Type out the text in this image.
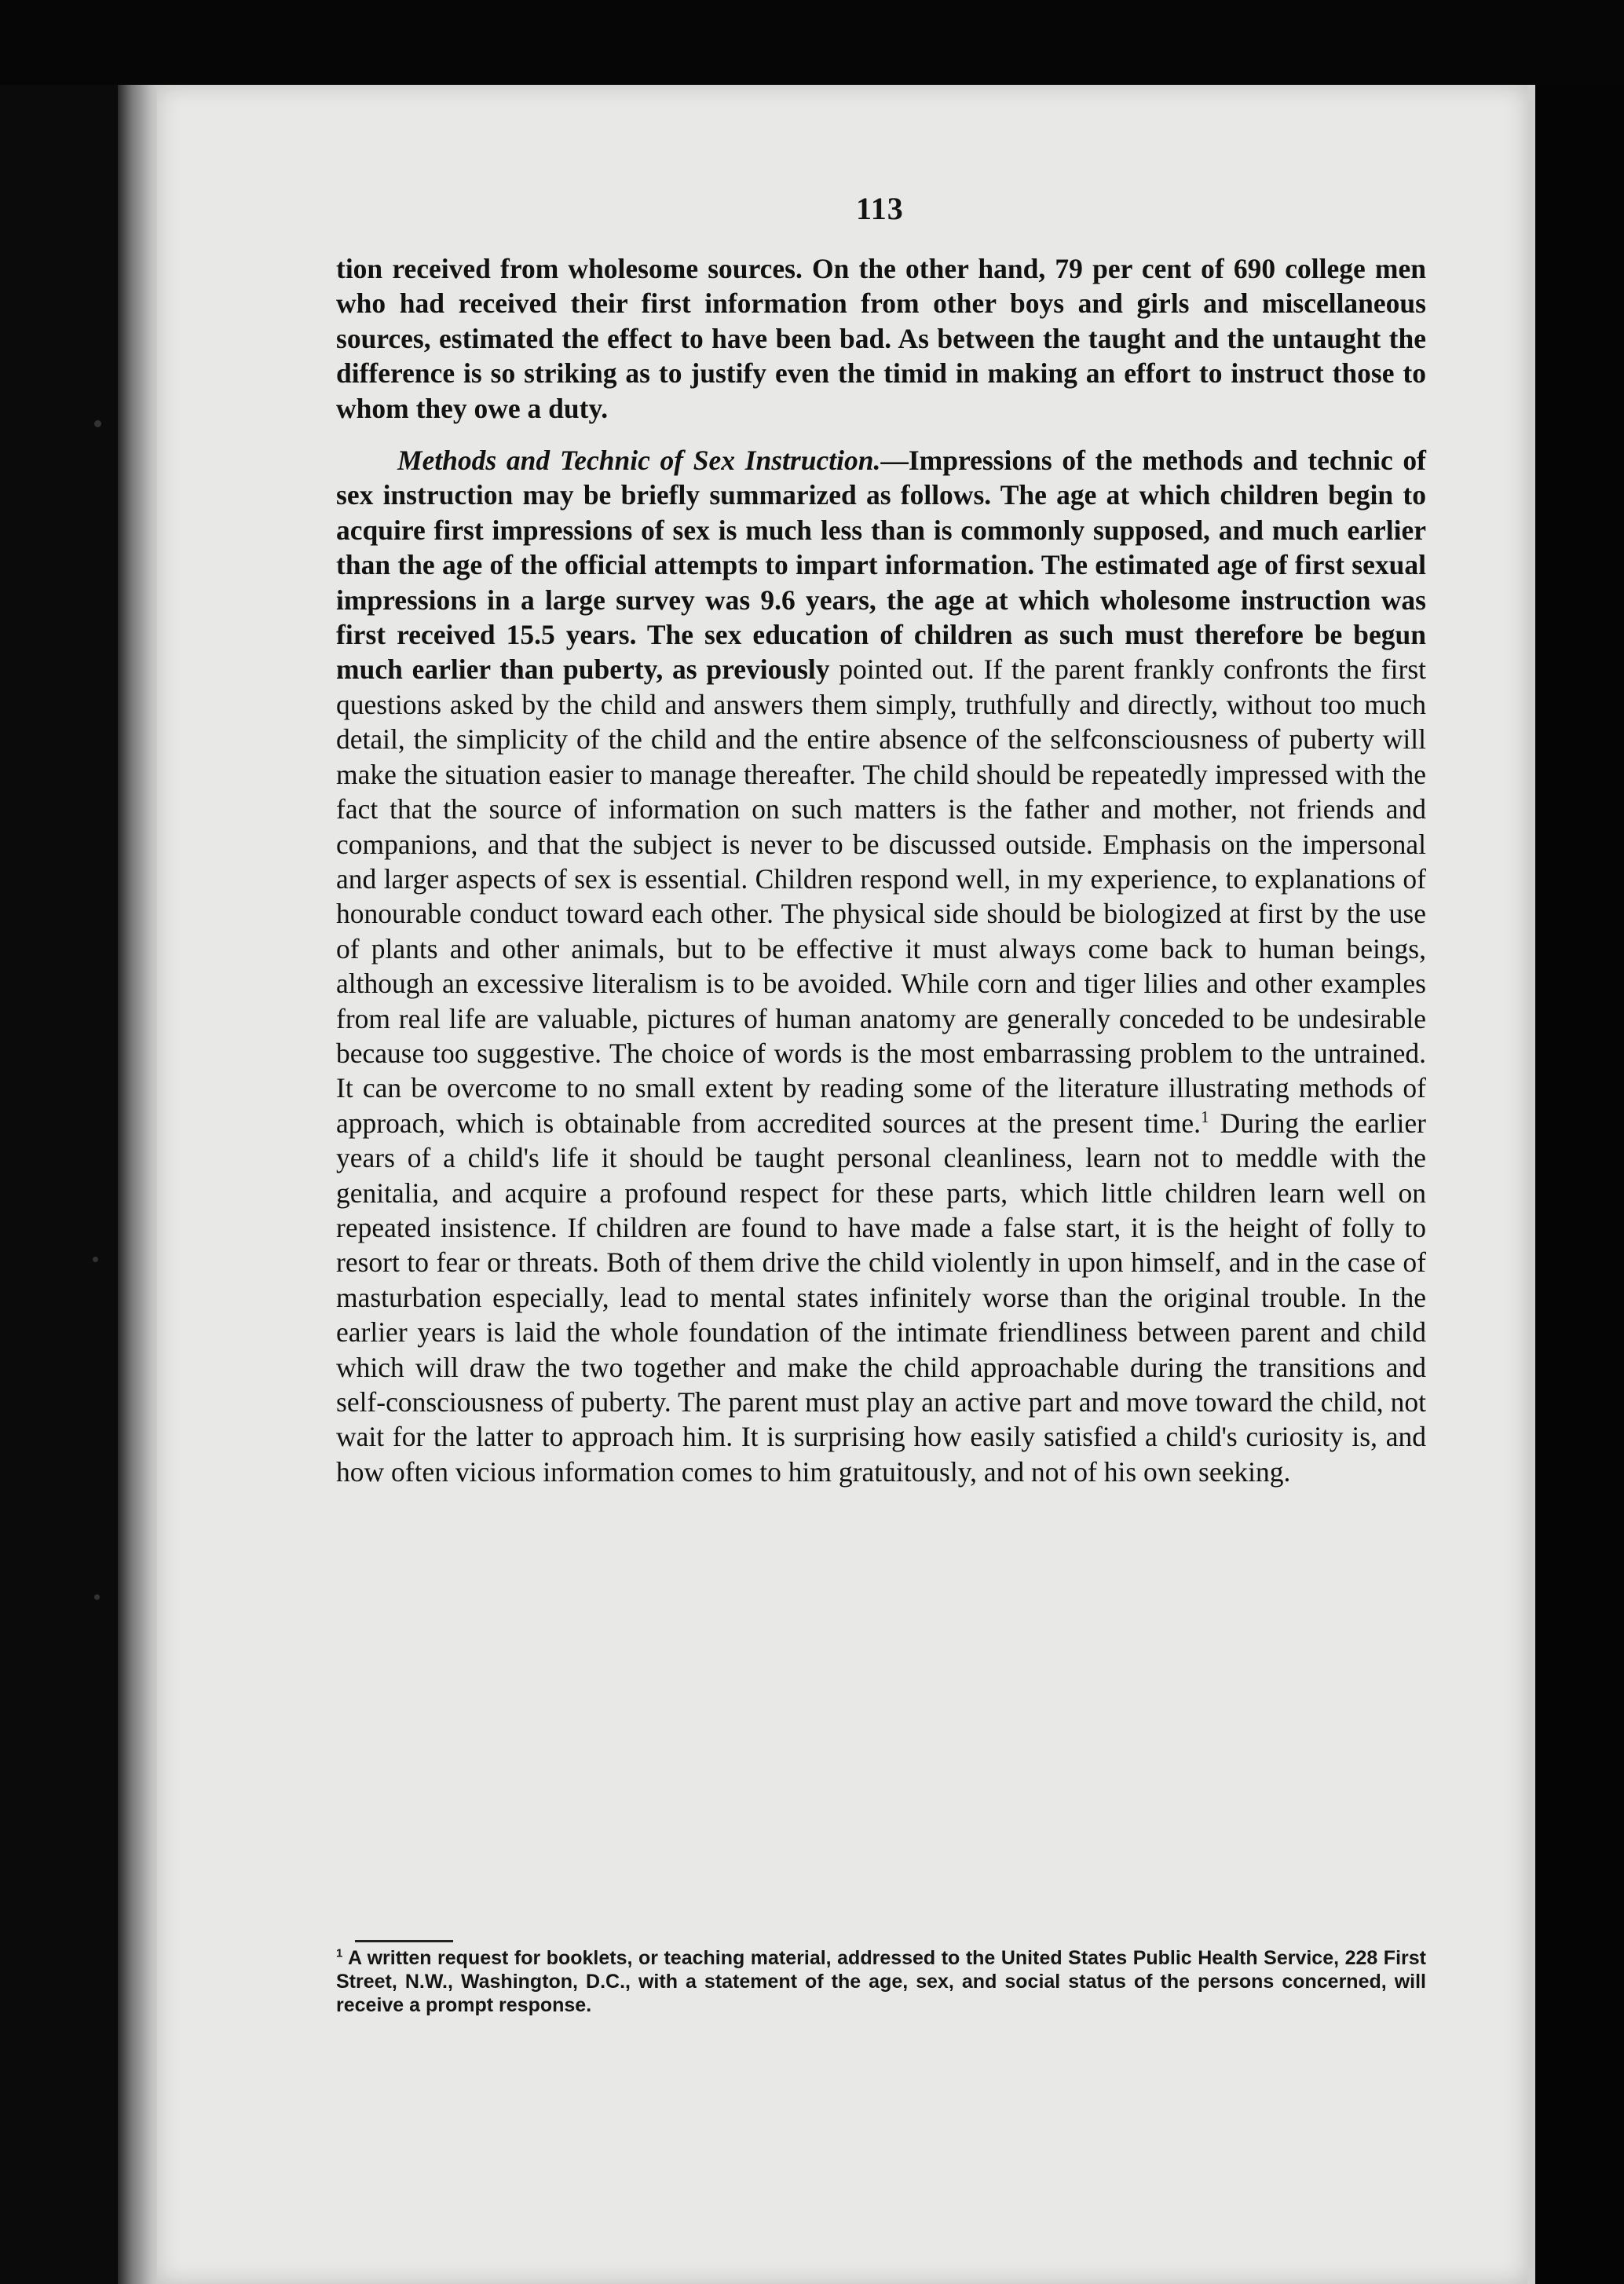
113

tion received from wholesome sources. On the other hand, 79 per cent of 690 college men who had received their first information from other boys and girls and miscellaneous sources, estimated the effect to have been bad. As between the taught and the untaught the difference is so striking as to justify even the timid in making an effort to instruct those to whom they owe a duty.

Methods and Technic of Sex Instruction.—Impressions of the methods and technic of sex instruction may be briefly summarized as follows. The age at which children begin to acquire first impressions of sex is much less than is commonly supposed, and much earlier than the age of the official attempts to impart information. The estimated age of first sexual impressions in a large survey was 9.6 years, the age at which wholesome instruction was first received 15.5 years. The sex education of children as such must therefore be begun much earlier than puberty, as previously pointed out. If the parent frankly confronts the first questions asked by the child and answers them simply, truthfully and directly, without too much detail, the simplicity of the child and the entire absence of the selfconsciousness of puberty will make the situation easier to manage thereafter. The child should be repeatedly impressed with the fact that the source of information on such matters is the father and mother, not friends and companions, and that the subject is never to be discussed outside. Emphasis on the impersonal and larger aspects of sex is essential. Children respond well, in my experience, to explanations of honourable conduct toward each other. The physical side should be biologized at first by the use of plants and other animals, but to be effective it must always come back to human beings, although an excessive literalism is to be avoided. While corn and tiger lilies and other examples from real life are valuable, pictures of human anatomy are generally conceded to be undesirable because too suggestive. The choice of words is the most embarrassing problem to the untrained. It can be overcome to no small extent by reading some of the literature illustrating methods of approach, which is obtainable from accredited sources at the present time.$^1$ During the earlier years of a child's life it should be taught personal cleanliness, learn not to meddle with the genitalia, and acquire a profound respect for these parts, which little children learn well on repeated insistence. If children are found to have made a false start, it is the height of folly to resort to fear or threats. Both of them drive the child violently in upon himself, and in the case of masturbation especially, lead to mental states infinitely worse than the original trouble. In the earlier years is laid the whole foundation of the intimate friendliness between parent and child which will draw the two together and make the child approachable during the transitions and self-consciousness of puberty. The parent must play an active part and move toward the child, not wait for the latter to approach him. It is surprising how easily satisfied a child's curiosity is, and how often vicious information comes to him gratuitously, and not of his own seeking.

$^1$ A written request for booklets, or teaching material, addressed to the United States Public Health Service, 228 First Street, N.W., Washington, D.C., with a statement of the age, sex, and social status of the persons concerned, will receive a prompt response.
